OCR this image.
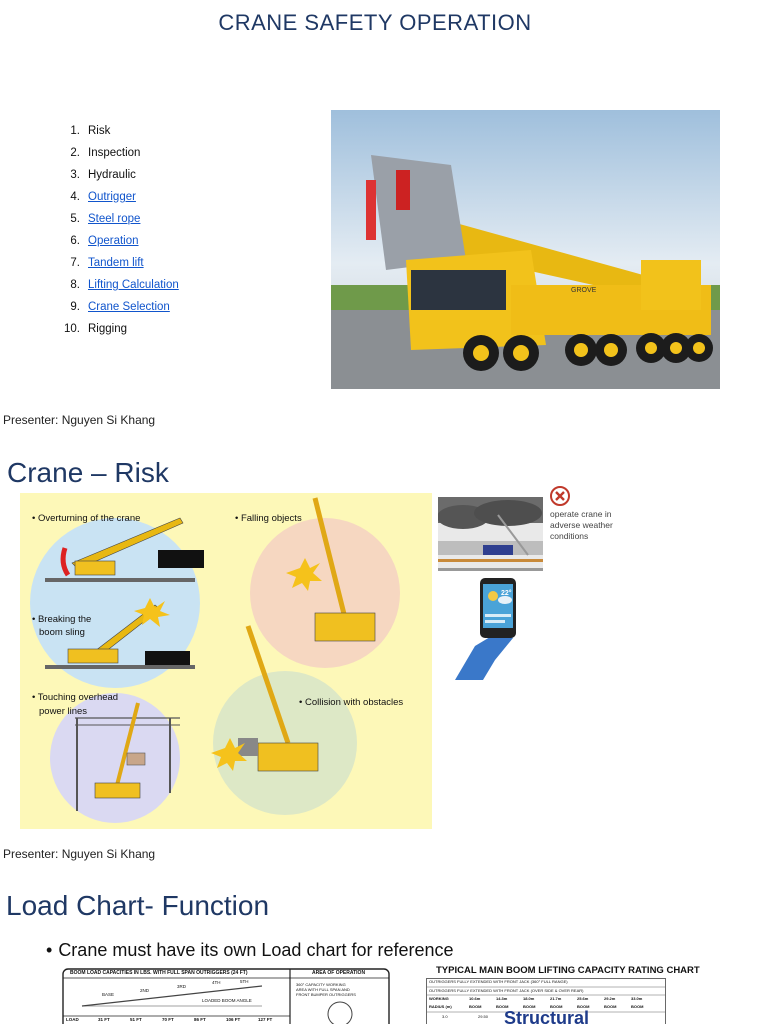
CRANE SAFETY OPERATION
1. Risk
2. Inspection
3. Hydraulic
4. Outrigger
5. Steel rope
6. Operation
7. Tandem lift
8. Lifting Calculation
9. Crane Selection
10. Rigging
GROVE
Presenter: Nguyen Si Khang
Crane – Risk
• Overturning of the crane	• Falling objects
• Breaking the
boom sling
• Touching overhead
power lines
• Collision with obstacles
operate crane in
adverse weather
conditions
22°
Presenter: Nguyen Si Khang
Load Chart- Function
• Crane must have its own Load chart for reference
BOOM LOAD CAPACITIES IN LBS. WITH FULL SPAN OUTRIGGERS (24 FT)	AREA OF OPERATION
BASE
2ND
3RD
4TH	5TH
LOADED BOOM ANGLE
360° CAPACITY WORKING
AREA WITH FULL SPAN AND
FRONT BUMPER OUTRIGGERS
LOAD	31 FT	51 FT	70 FT	86 FT	106 FT	127 FT
TYPICAL MAIN BOOM LIFTING CAPACITY RATING CHART
OUTRIGGERS FULLY EXTENDED WITH FRONT JACK (360° FULL RANGE)
OUTRIGGERS FULLY EXTENDED WITH FRONT JACK (OVER SIDE & OVER REAR)
WORKING	10.6m	14.3m	18.0m	21.7m	25.6m	29.2m	33.0m
RADIUS (m)	BOOM	BOOM	BOOM	BOOM	BOOM	BOOM	BOOM
3.0	29.50 Structural
